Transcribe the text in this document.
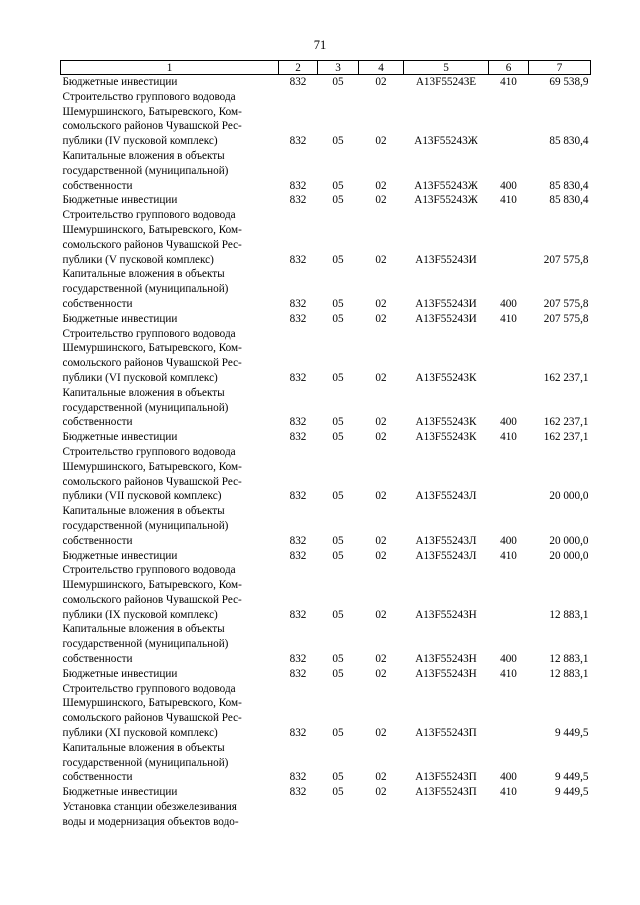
71
1	2	3	4	5	6	7
Бюджетные инвестиции	832	05	02	А13F55243Е	410	69 538,9
Строительство группового водовода
Шемуршинского, Батыревского, Ком-
сомольского районов Чувашской Рес-
публики (IV пусковой комплекс)	832	05	02	А13F55243Ж		85 830,4
Капитальные вложения в объекты
государственной (муниципальной)
собственности	832	05	02	А13F55243Ж	400	85 830,4
Бюджетные инвестиции	832	05	02	А13F55243Ж	410	85 830,4
Строительство группового водовода
Шемуршинского, Батыревского, Ком-
сомольского районов Чувашской Рес-
публики (V пусковой комплекс)	832	05	02	А13F55243И		207 575,8
Капитальные вложения в объекты
государственной (муниципальной)
собственности	832	05	02	А13F55243И	400	207 575,8
Бюджетные инвестиции	832	05	02	А13F55243И	410	207 575,8
Строительство группового водовода
Шемуршинского, Батыревского, Ком-
сомольского районов Чувашской Рес-
публики (VI пусковой комплекс)	832	05	02	А13F55243К		162 237,1
Капитальные вложения в объекты
государственной (муниципальной)
собственности	832	05	02	А13F55243К	400	162 237,1
Бюджетные инвестиции	832	05	02	А13F55243К	410	162 237,1
Строительство группового водовода
Шемуршинского, Батыревского, Ком-
сомольского районов Чувашской Рес-
публики (VII пусковой комплекс)	832	05	02	А13F55243Л		20 000,0
Капитальные вложения в объекты
государственной (муниципальной)
собственности	832	05	02	А13F55243Л	400	20 000,0
Бюджетные инвестиции	832	05	02	А13F55243Л	410	20 000,0
Строительство группового водовода
Шемуршинского, Батыревского, Ком-
сомольского районов Чувашской Рес-
публики (IX пусковой комплекс)	832	05	02	А13F55243Н		12 883,1
Капитальные вложения в объекты
государственной (муниципальной)
собственности	832	05	02	А13F55243Н	400	12 883,1
Бюджетные инвестиции	832	05	02	А13F55243Н	410	12 883,1
Строительство группового водовода
Шемуршинского, Батыревского, Ком-
сомольского районов Чувашской Рес-
публики (XI пусковой комплекс)	832	05	02	А13F55243П		9 449,5
Капитальные вложения в объекты
государственной (муниципальной)
собственности	832	05	02	А13F55243П	400	9 449,5
Бюджетные инвестиции	832	05	02	А13F55243П	410	9 449,5
Установка станции обезжелезивания
воды и модернизация объектов водо-						
